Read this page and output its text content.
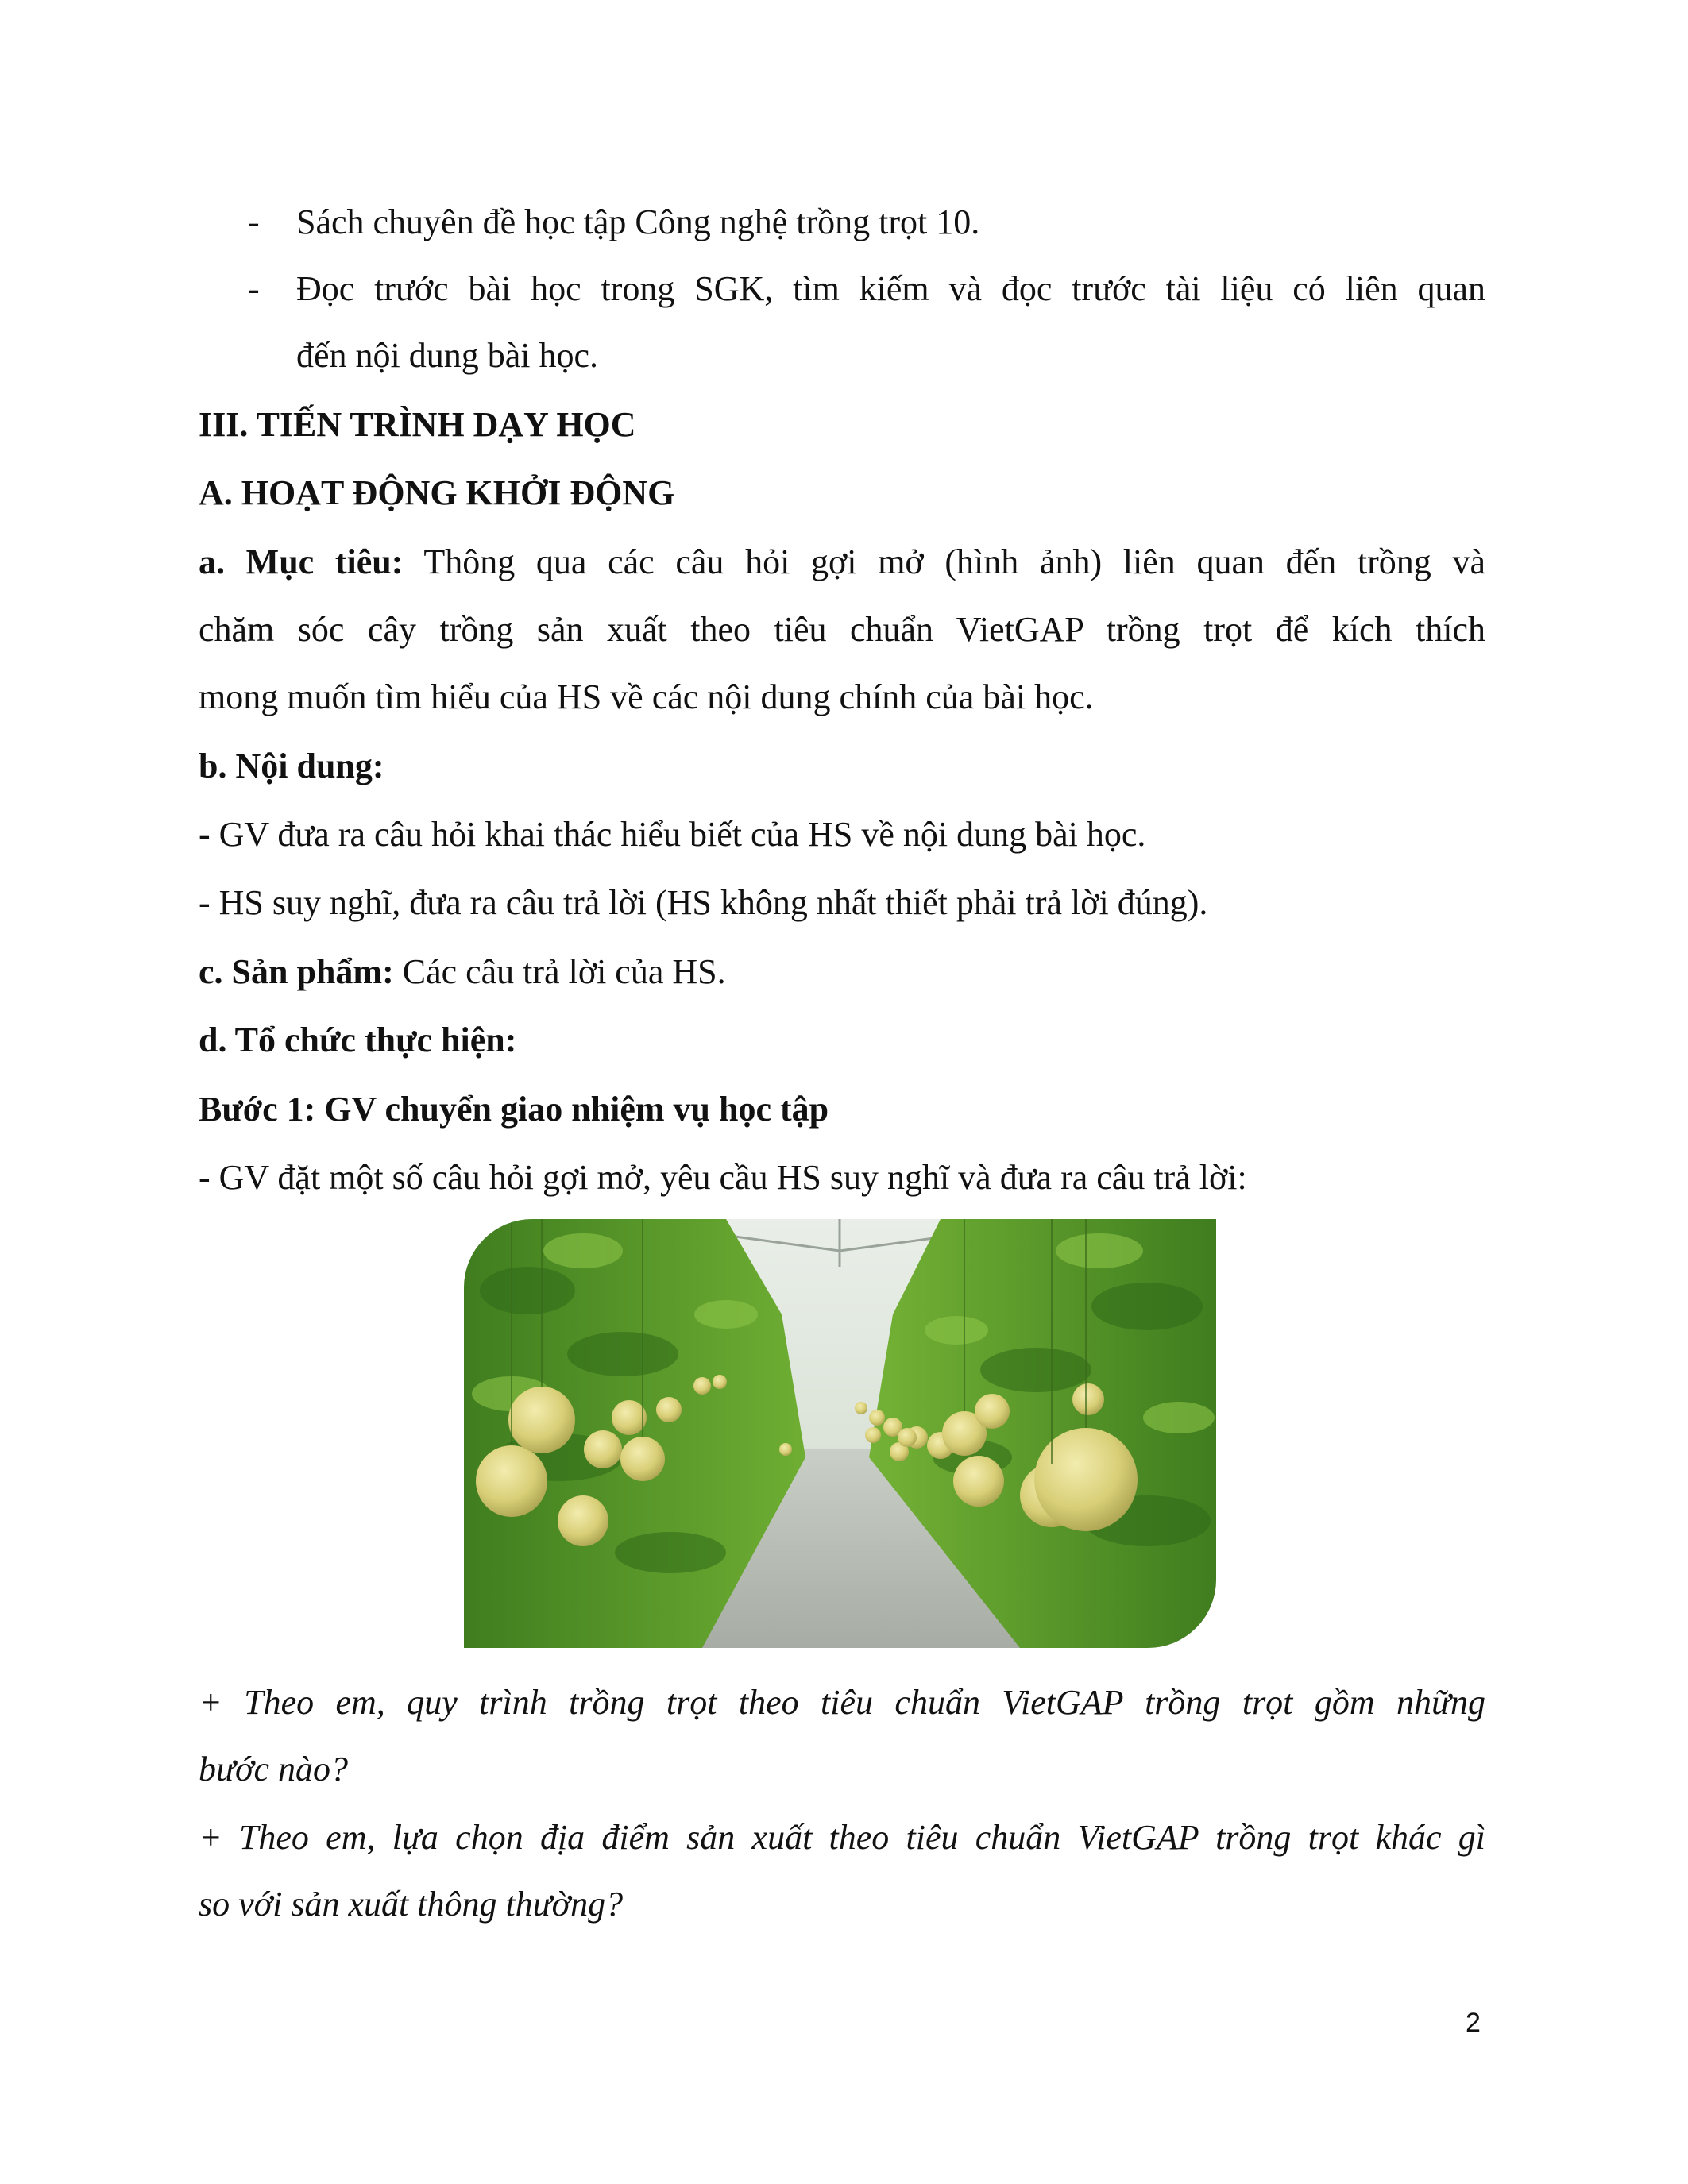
- Sách chuyên đề học tập Công nghệ trồng trọt 10.
- Đọc trước bài học trong SGK, tìm kiếm và đọc trước tài liệu có liên quan
đến nội dung bài học.
III. TIẾN TRÌNH DẠY HỌC
A. HOẠT ĐỘNG KHỞI ĐỘNG
a. Mục tiêu: Thông qua các câu hỏi gợi mở (hình ảnh) liên quan đến trồng và
chăm sóc cây trồng sản xuất theo tiêu chuẩn VietGAP trồng trọt để kích thích
mong muốn tìm hiểu của HS về các nội dung chính của bài học.
b. Nội dung:
- GV đưa ra câu hỏi khai thác hiểu biết của HS về nội dung bài học.
- HS suy nghĩ, đưa ra câu trả lời (HS không nhất thiết phải trả lời đúng).
c. Sản phẩm: Các câu trả lời của HS.
d. Tổ chức thực hiện:
Bước 1: GV chuyển giao nhiệm vụ học tập
- GV đặt một số câu hỏi gợi mở, yêu cầu HS suy nghĩ và đưa ra câu trả lời:
+ Theo em, quy trình trồng trọt theo tiêu chuẩn VietGAP trồng trọt gồm những
bước nào?
+ Theo em, lựa chọn địa điểm sản xuất theo tiêu chuẩn VietGAP trồng trọt khác gì
so với sản xuất thông thường?
2
